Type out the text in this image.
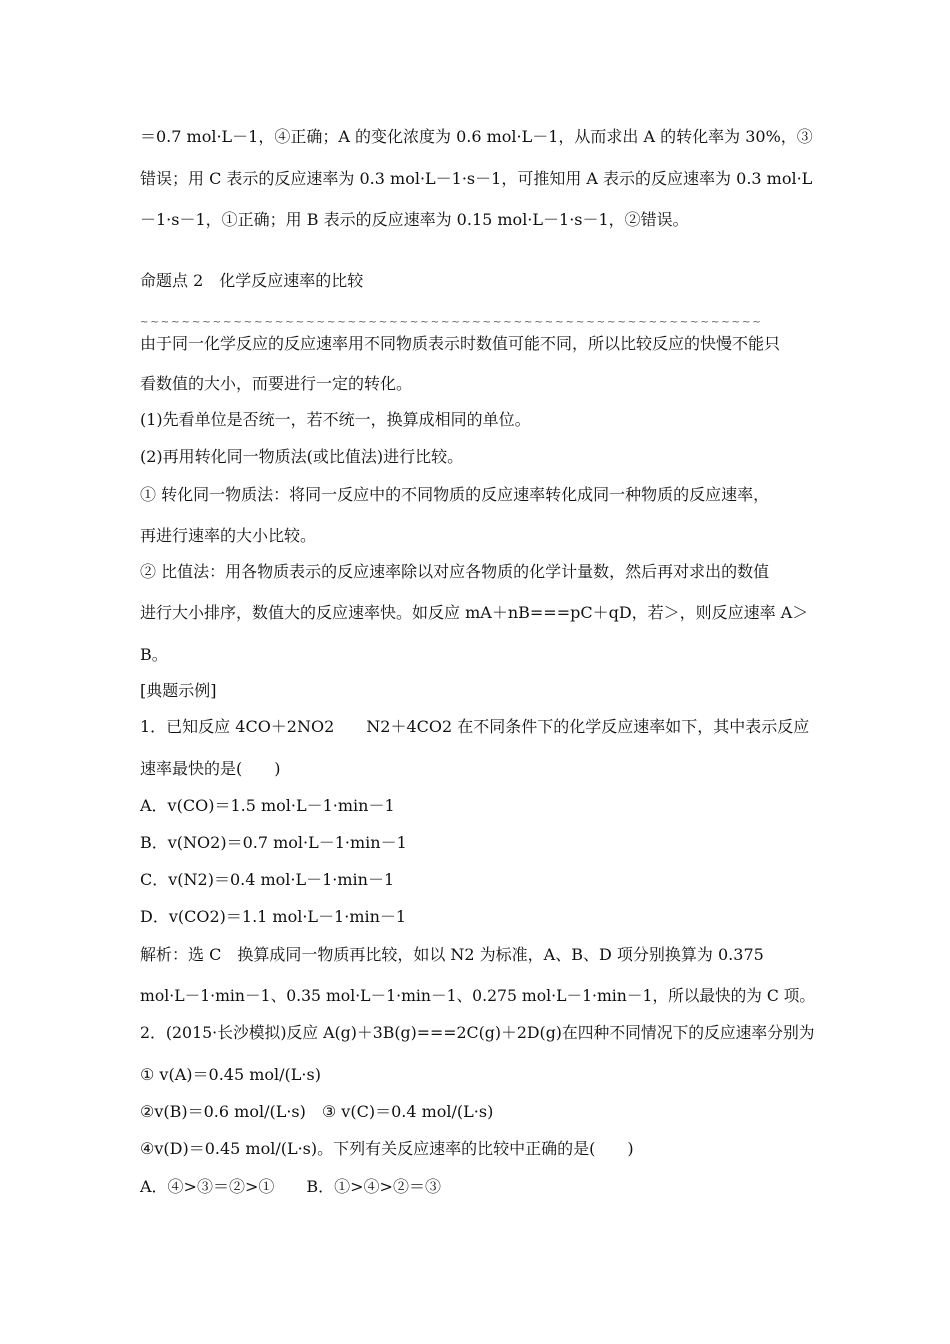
＝0.7 mol·L－1，④正确；A 的变化浓度为 0.6 mol·L－1，从而求出 A 的转化率为 30%，③
错误；用 C 表示的反应速率为 0.3 mol·L－1·s－1，可推知用 A 表示的反应速率为 0.3 mol·L
－1·s－1，①正确；用 B 表示的反应速率为 0.15 mol·L－1·s－1，②错误。
命题点 2　化学反应速率的比较
~~~~~~~~~~~~~~~~~~~~~~~~~~~~~~~~~~~~~~~~~~~~~~~~~~~~~~~~~~~~
由于同一化学反应的反应速率用不同物质表示时数值可能不同，所以比较反应的快慢不能只
看数值的大小，而要进行一定的转化。
(1)先看单位是否统一，若不统一，换算成相同的单位。
(2)再用转化同一物质法(或比值法)进行比较。
① 转化同一物质法：将同一反应中的不同物质的反应速率转化成同一种物质的反应速率，
再进行速率的大小比较。
② 比值法：用各物质表示的反应速率除以对应各物质的化学计量数，然后再对求出的数值
进行大小排序，数值大的反应速率快。如反应 mA＋nB===pC＋qD，若＞，则反应速率 A＞
B。
[典题示例]
1．已知反应 4CO＋2NO2　　N2＋4CO2 在不同条件下的化学反应速率如下，其中表示反应
速率最快的是(　　)
A．v(CO)＝1.5 mol·L－1·min－1
B．v(NO2)＝0.7 mol·L－1·min－1
C．v(N2)＝0.4 mol·L－1·min－1
D．v(CO2)＝1.1 mol·L－1·min－1
解析：选 C　换算成同一物质再比较，如以 N2 为标准，A、B、D 项分别换算为 0.375
mol·L－1·min－1、0.35 mol·L－1·min－1、0.275 mol·L－1·min－1，所以最快的为 C 项。
2．(2015·长沙模拟)反应 A(g)＋3B(g)===2C(g)＋2D(g)在四种不同情况下的反应速率分别为
① v(A)＝0.45 mol/(L·s)
②v(B)＝0.6 mol/(L·s)　③ v(C)＝0.4 mol/(L·s)
④v(D)＝0.45 mol/(L·s)。下列有关反应速率的比较中正确的是(　　)
A．④>③＝②>①　　B．①>④>②＝③
